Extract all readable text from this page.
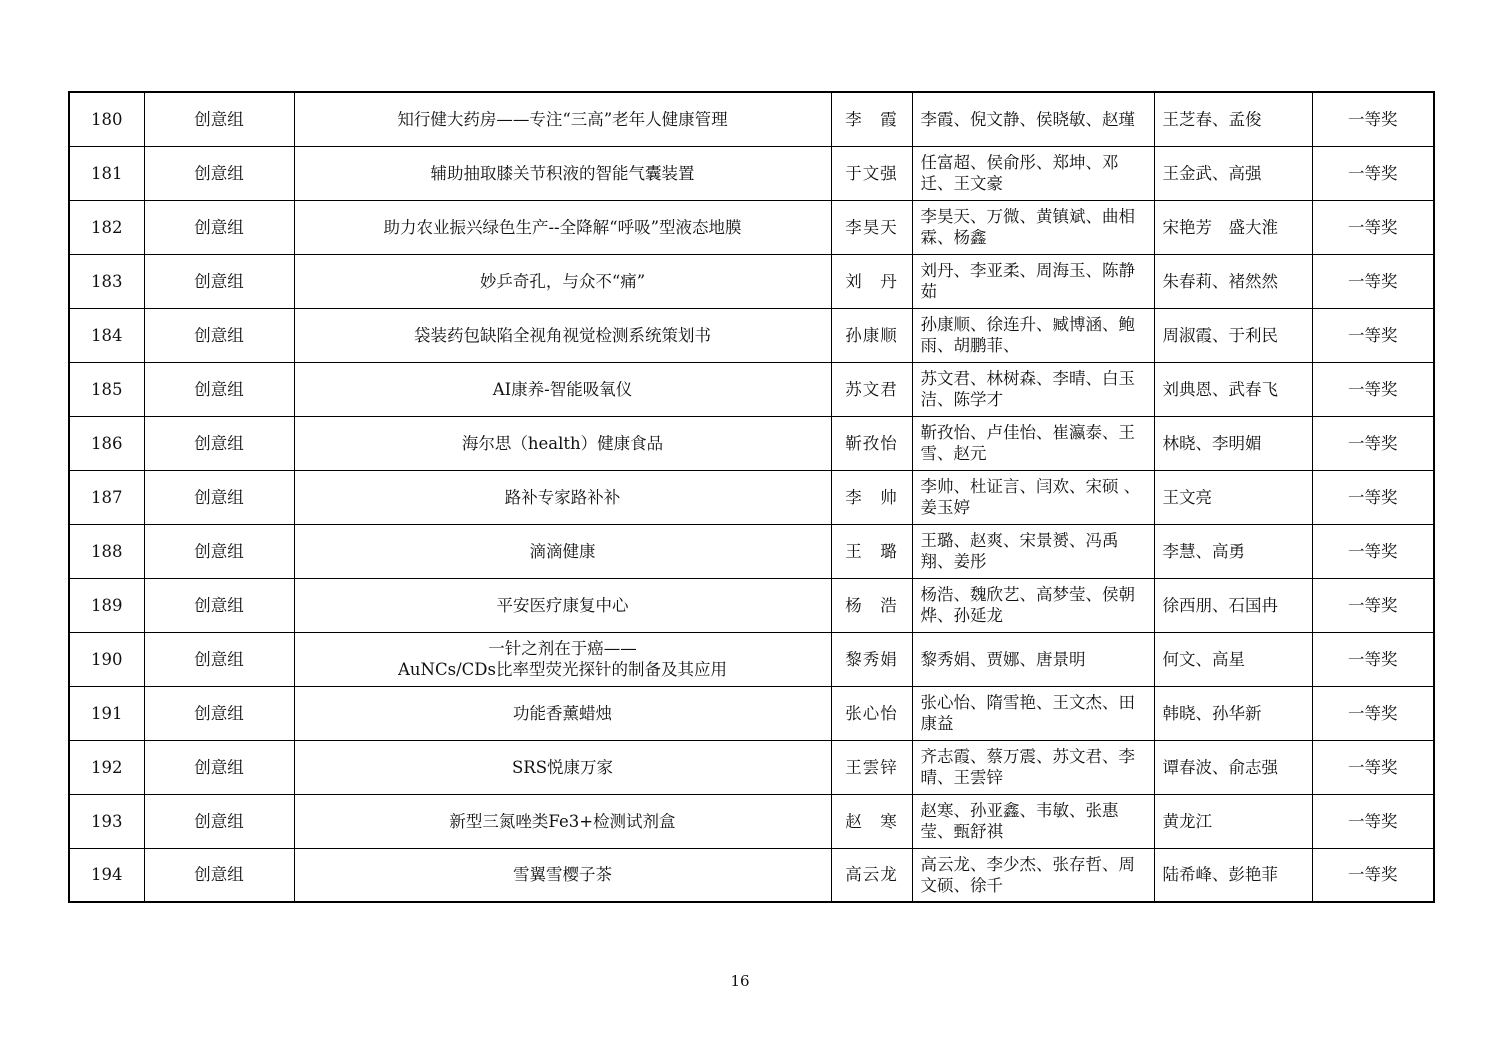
180	创意组	知行健大药房——专注“三高”老年人健康管理	李　霞	李霞、倪文静、侯晓敏、赵瑾	王芝春、孟俊	一等奖
181	创意组	辅助抽取膝关节积液的智能气囊装置	于文强	任富超、侯俞彤、郑坤、邓迁、王文豪	王金武、高强	一等奖
182	创意组	助力农业振兴绿色生产--全降解“呼吸”型液态地膜	李昊天	李昊天、万微、黄镇斌、曲相霖、杨鑫	宋艳芳　盛大淮	一等奖
183	创意组	妙乒奇孔，与众不“痛”	刘　丹	刘丹、李亚柔、周海玉、陈静茹	朱春莉、褚然然	一等奖
184	创意组	袋装药包缺陷全视角视觉检测系统策划书	孙康顺	孙康顺、徐连升、臧博涵、鲍雨、胡鹏菲、	周淑霞、于利民	一等奖
185	创意组	AI康养-智能吸氧仪	苏文君	苏文君、林树森、李晴、白玉洁、陈学才	刘典恩、武春飞	一等奖
186	创意组	海尔思（health）健康食品	靳孜怡	靳孜怡、卢佳怡、崔瀛泰、王雪、赵元	林晓、李明媚	一等奖
187	创意组	路补专家路补补	李　帅	李帅、杜证言、闫欢、宋硕 、姜玉婷	王文亮	一等奖
188	创意组	滴滴健康	王　璐	王璐、赵爽、宋景赟、冯禹翔、姜彤	李慧、高勇	一等奖
189	创意组	平安医疗康复中心	杨　浩	杨浩、魏欣艺、高梦莹、侯朝烨、孙延龙	徐西朋、石国冉	一等奖
190	创意组	一针之剂在于癌——
AuNCs/CDs比率型荧光探针的制备及其应用	黎秀娟	黎秀娟、贾娜、唐景明	何文、高星	一等奖
191	创意组	功能香薰蜡烛	张心怡	张心怡、隋雪艳、王文杰、田康益	韩晓、孙华新	一等奖
192	创意组	SRS悦康万家	王雲锌	齐志霞、蔡万震、苏文君、李晴、王雲锌	谭春波、俞志强	一等奖
193	创意组	新型三氮唑类Fe3+检测试剂盒	赵　寒	赵寒、孙亚鑫、韦敏、张惠莹、甄舒祺	黄龙江	一等奖
194	创意组	雪翼雪樱子茶	高云龙	高云龙、李少杰、张存哲、周文硕、徐千	陆希峰、彭艳菲	一等奖
16
